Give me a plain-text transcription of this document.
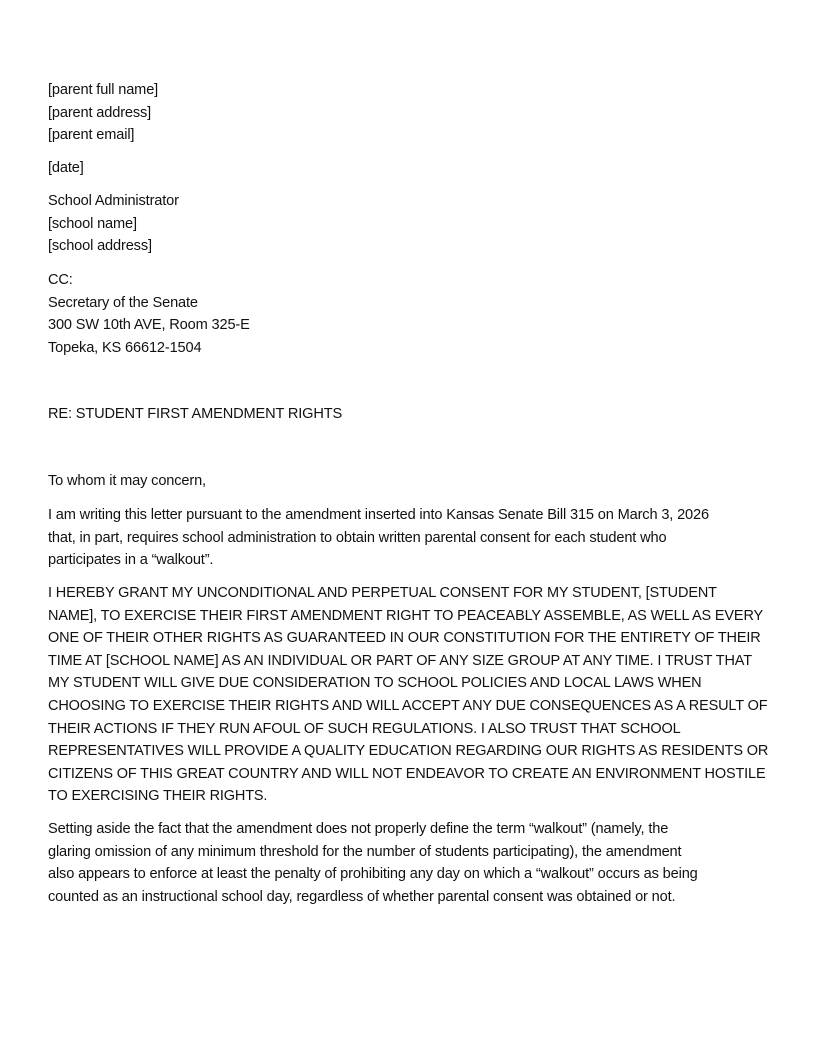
[parent full name]
[parent address]
[parent email]
[date]
School Administrator
[school name]
[school address]
CC:
Secretary of the Senate
300 SW 10th AVE, Room 325-E
Topeka, KS 66612-1504
RE: STUDENT FIRST AMENDMENT RIGHTS
To whom it may concern,
I am writing this letter pursuant to the amendment inserted into Kansas Senate Bill 315 on March 3, 2026
that, in part, requires school administration to obtain written parental consent for each student who
participates in a “walkout”.
I HEREBY GRANT MY UNCONDITIONAL AND PERPETUAL CONSENT FOR MY STUDENT, [STUDENT
NAME], TO EXERCISE THEIR FIRST AMENDMENT RIGHT TO PEACEABLY ASSEMBLE, AS WELL AS EVERY
ONE OF THEIR OTHER RIGHTS AS GUARANTEED IN OUR CONSTITUTION FOR THE ENTIRETY OF THEIR
TIME AT [SCHOOL NAME] AS AN INDIVIDUAL OR PART OF ANY SIZE GROUP AT ANY TIME. I TRUST THAT
MY STUDENT WILL GIVE DUE CONSIDERATION TO SCHOOL POLICIES AND LOCAL LAWS WHEN
CHOOSING TO EXERCISE THEIR RIGHTS AND WILL ACCEPT ANY DUE CONSEQUENCES AS A RESULT OF
THEIR ACTIONS IF THEY RUN AFOUL OF SUCH REGULATIONS. I ALSO TRUST THAT SCHOOL
REPRESENTATIVES WILL PROVIDE A QUALITY EDUCATION REGARDING OUR RIGHTS AS RESIDENTS OR
CITIZENS OF THIS GREAT COUNTRY AND WILL NOT ENDEAVOR TO CREATE AN ENVIRONMENT HOSTILE
TO EXERCISING THEIR RIGHTS.
Setting aside the fact that the amendment does not properly define the term “walkout” (namely, the
glaring omission of any minimum threshold for the number of students participating), the amendment
also appears to enforce at least the penalty of prohibiting any day on which a “walkout” occurs as being
counted as an instructional school day, regardless of whether parental consent was obtained or not.
